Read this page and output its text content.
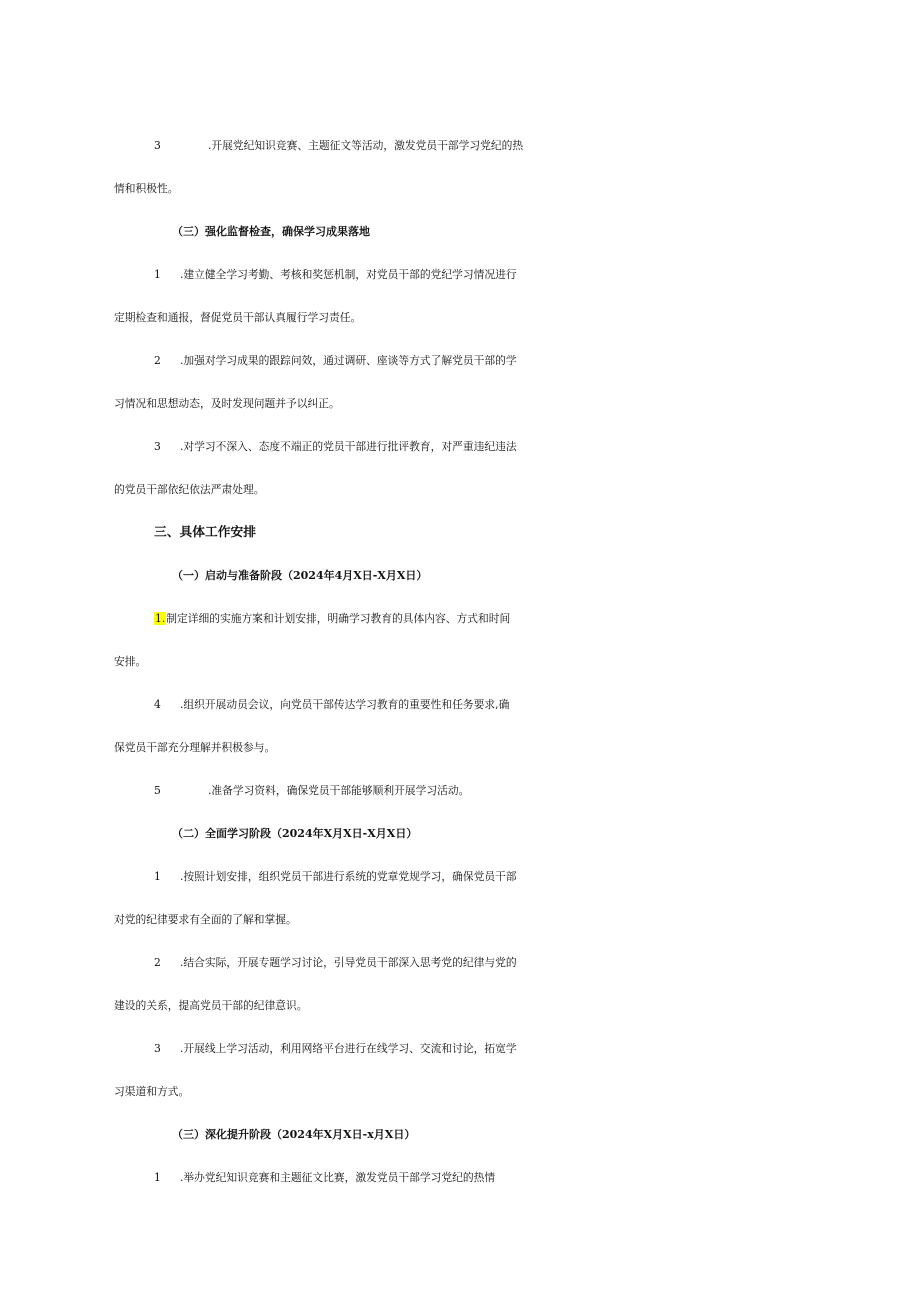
3	.开展党纪知识竞赛、主题征文等活动，激发党员干部学习党纪的热
情和积极性。
（三）强化监督检查，确保学习成果落地
1 .建立健全学习考勤、考核和奖惩机制，对党员干部的党纪学习情况进行
定期检查和通报，督促党员干部认真履行学习责任。
2 .加强对学习成果的跟踪问效，通过调研、座谈等方式了解党员干部的学
习情况和思想动态，及时发现问题并予以纠正。
3 .对学习不深入、态度不端正的党员干部进行批评教育，对严重违纪违法
的党员干部依纪依法严肃处理。
三、具体工作安排
（一）启动与准备阶段（2024年4月X日-X月X日）
1.制定详细的实施方案和计划安排，明确学习教育的具体内容、方式和时间
安排。
4 .组织开展动员会议，向党员干部传达学习教育的重要性和任务要求,确
保党员干部充分理解并积极参与。
5	.准备学习资料，确保党员干部能够顺利开展学习活动。
（二）全面学习阶段（2024年X月X日-X月X日）
1 .按照计划安排，组织党员干部进行系统的党章党规学习，确保党员干部
对党的纪律要求有全面的了解和掌握。
2 .结合实际，开展专题学习讨论，引导党员干部深入思考党的纪律与党的
建设的关系，提高党员干部的纪律意识。
3 .开展线上学习活动，利用网络平台进行在线学习、交流和讨论，拓宽学
习渠道和方式。
（三）深化提升阶段（2024年X月X日-x月X日）
1 .举办党纪知识竞赛和主题征文比赛，激发党员干部学习党纪的热情
